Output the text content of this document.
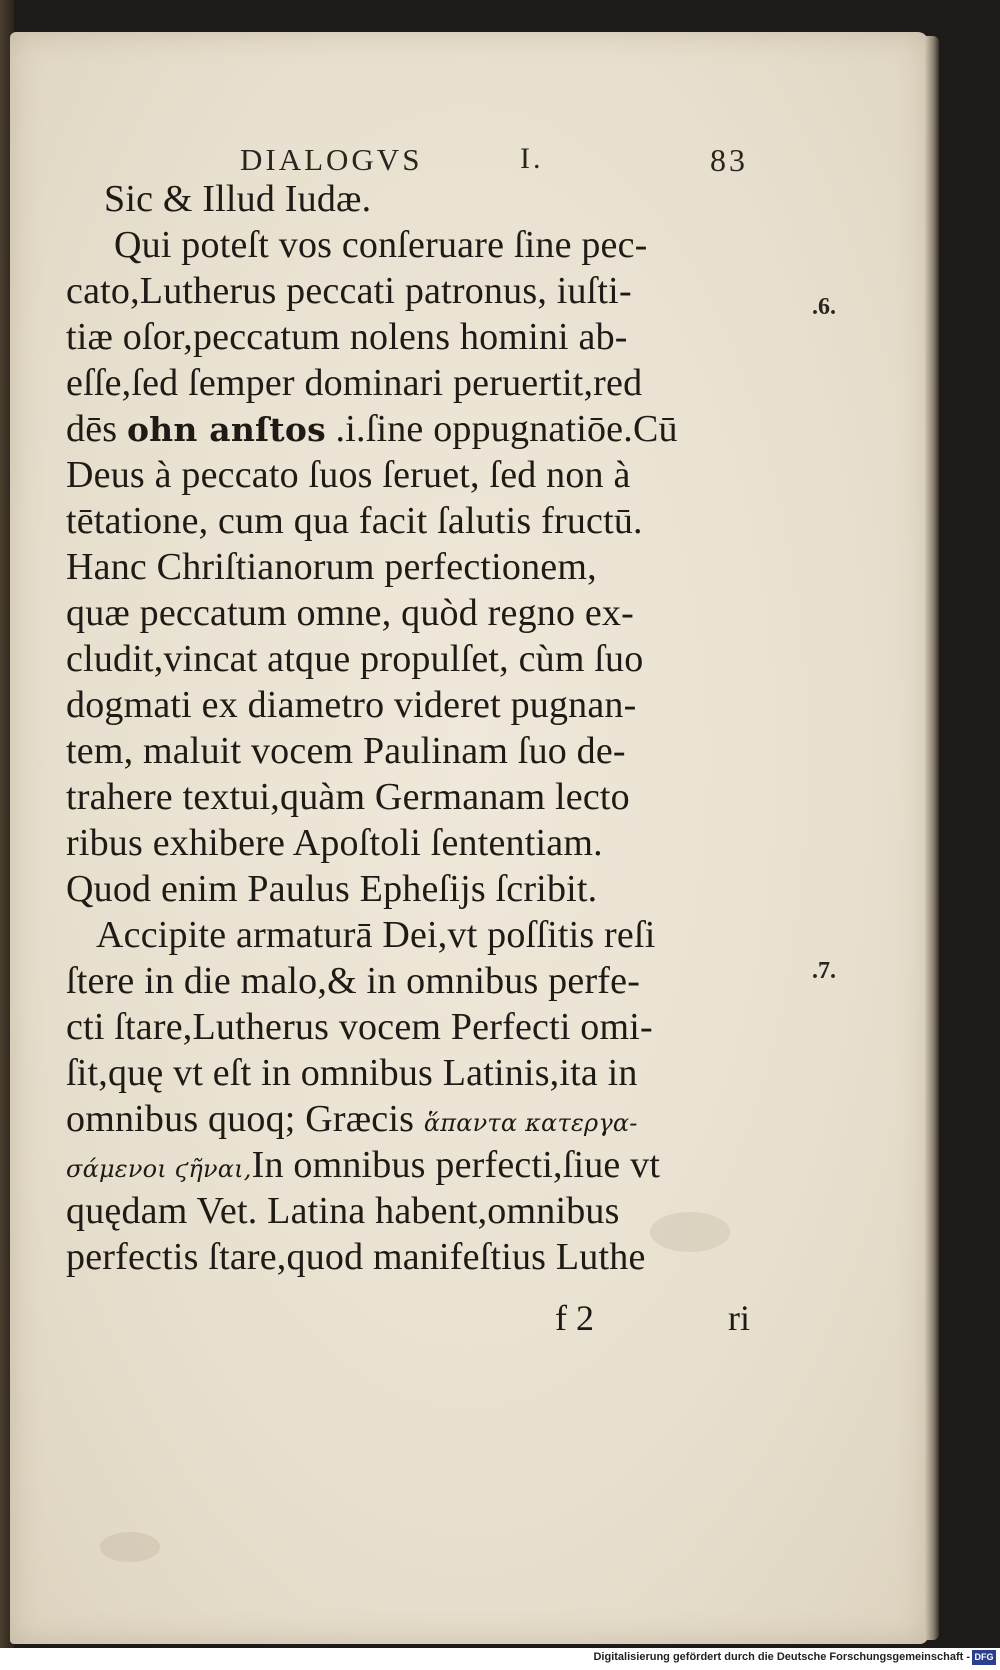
DIALOGVS	I.	83
Sic & Illud Iudæ.
Qui poteſt vos conſeruare ſine pec-
cato,Lutherus peccati patronus, iuſti-
tiæ oſor,peccatum nolens homini ab-
eſſe,ſed ſemper dominari peruertit,red
dēs ohn anſtos .i.ſine oppugnatiōe.Cū
Deus à peccato ſuos ſeruet, ſed non à
tētatione, cum qua facit ſalutis fructū.
Hanc Chriſtianorum perfectionem,
quæ peccatum omne, quòd regno ex-
cludit,vincat atque propulſet, cùm ſuo
dogmati ex diametro videret pugnan-
tem, maluit vocem Paulinam ſuo de-
trahere textui,quàm Germanam lecto
ribus exhibere Apoſtoli ſententiam.
Quod enim Paulus Epheſijs ſcribit.
Accipite armaturā Dei,vt poſſitis reſi
ſtere in die malo,& in omnibus perfe-
cti ſtare,Lutherus vocem Perfecti omi-
ſit,quę vt eſt in omnibus Latinis,ita in
omnibus quoq; Græcis ἅπαντα κατεργα-
σάμενοι ϛῆναι,In omnibus perfecti,ſiue vt
quędam Vet. Latina habent,omnibus
perfectis ſtare,quod manifeſtius Luthe
.6.
.7.
f 2	ri
Digitalisierung gefördert durch die Deutsche Forschungsgemeinschaft - DFG
